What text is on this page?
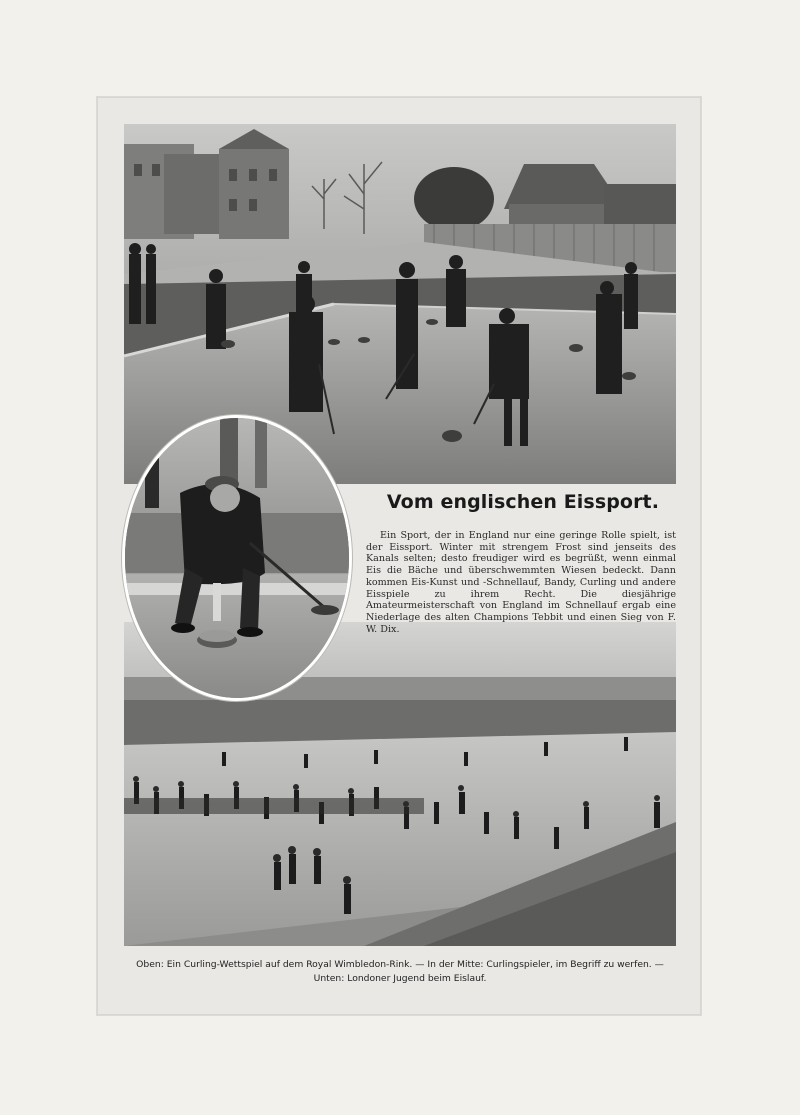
Vom englischen Eissport.

Ein Sport, der in England nur eine geringe Rolle spielt, ist der Eissport. Winter mit strengem Frost sind jenseits des Kanals selten; desto freudiger wird es begrüßt, wenn einmal Eis die Bäche und überschwemmten Wiesen bedeckt. Dann kommen Eis-Kunst und -Schnellauf, Bandy, Curling und andere Eisspiele zu ihrem Recht. Die diesjährige Amateurmeisterschaft von England im Schnellauf ergab eine Niederlage des alten Champions Tebbit und einen Sieg von F. W. Dix.

Oben: Ein Curling-Wettspiel auf dem Royal Wimbledon-Rink. — In der Mitte: Curlingspieler, im Begriff zu werfen. —
Unten: Londoner Jugend beim Eislauf.
